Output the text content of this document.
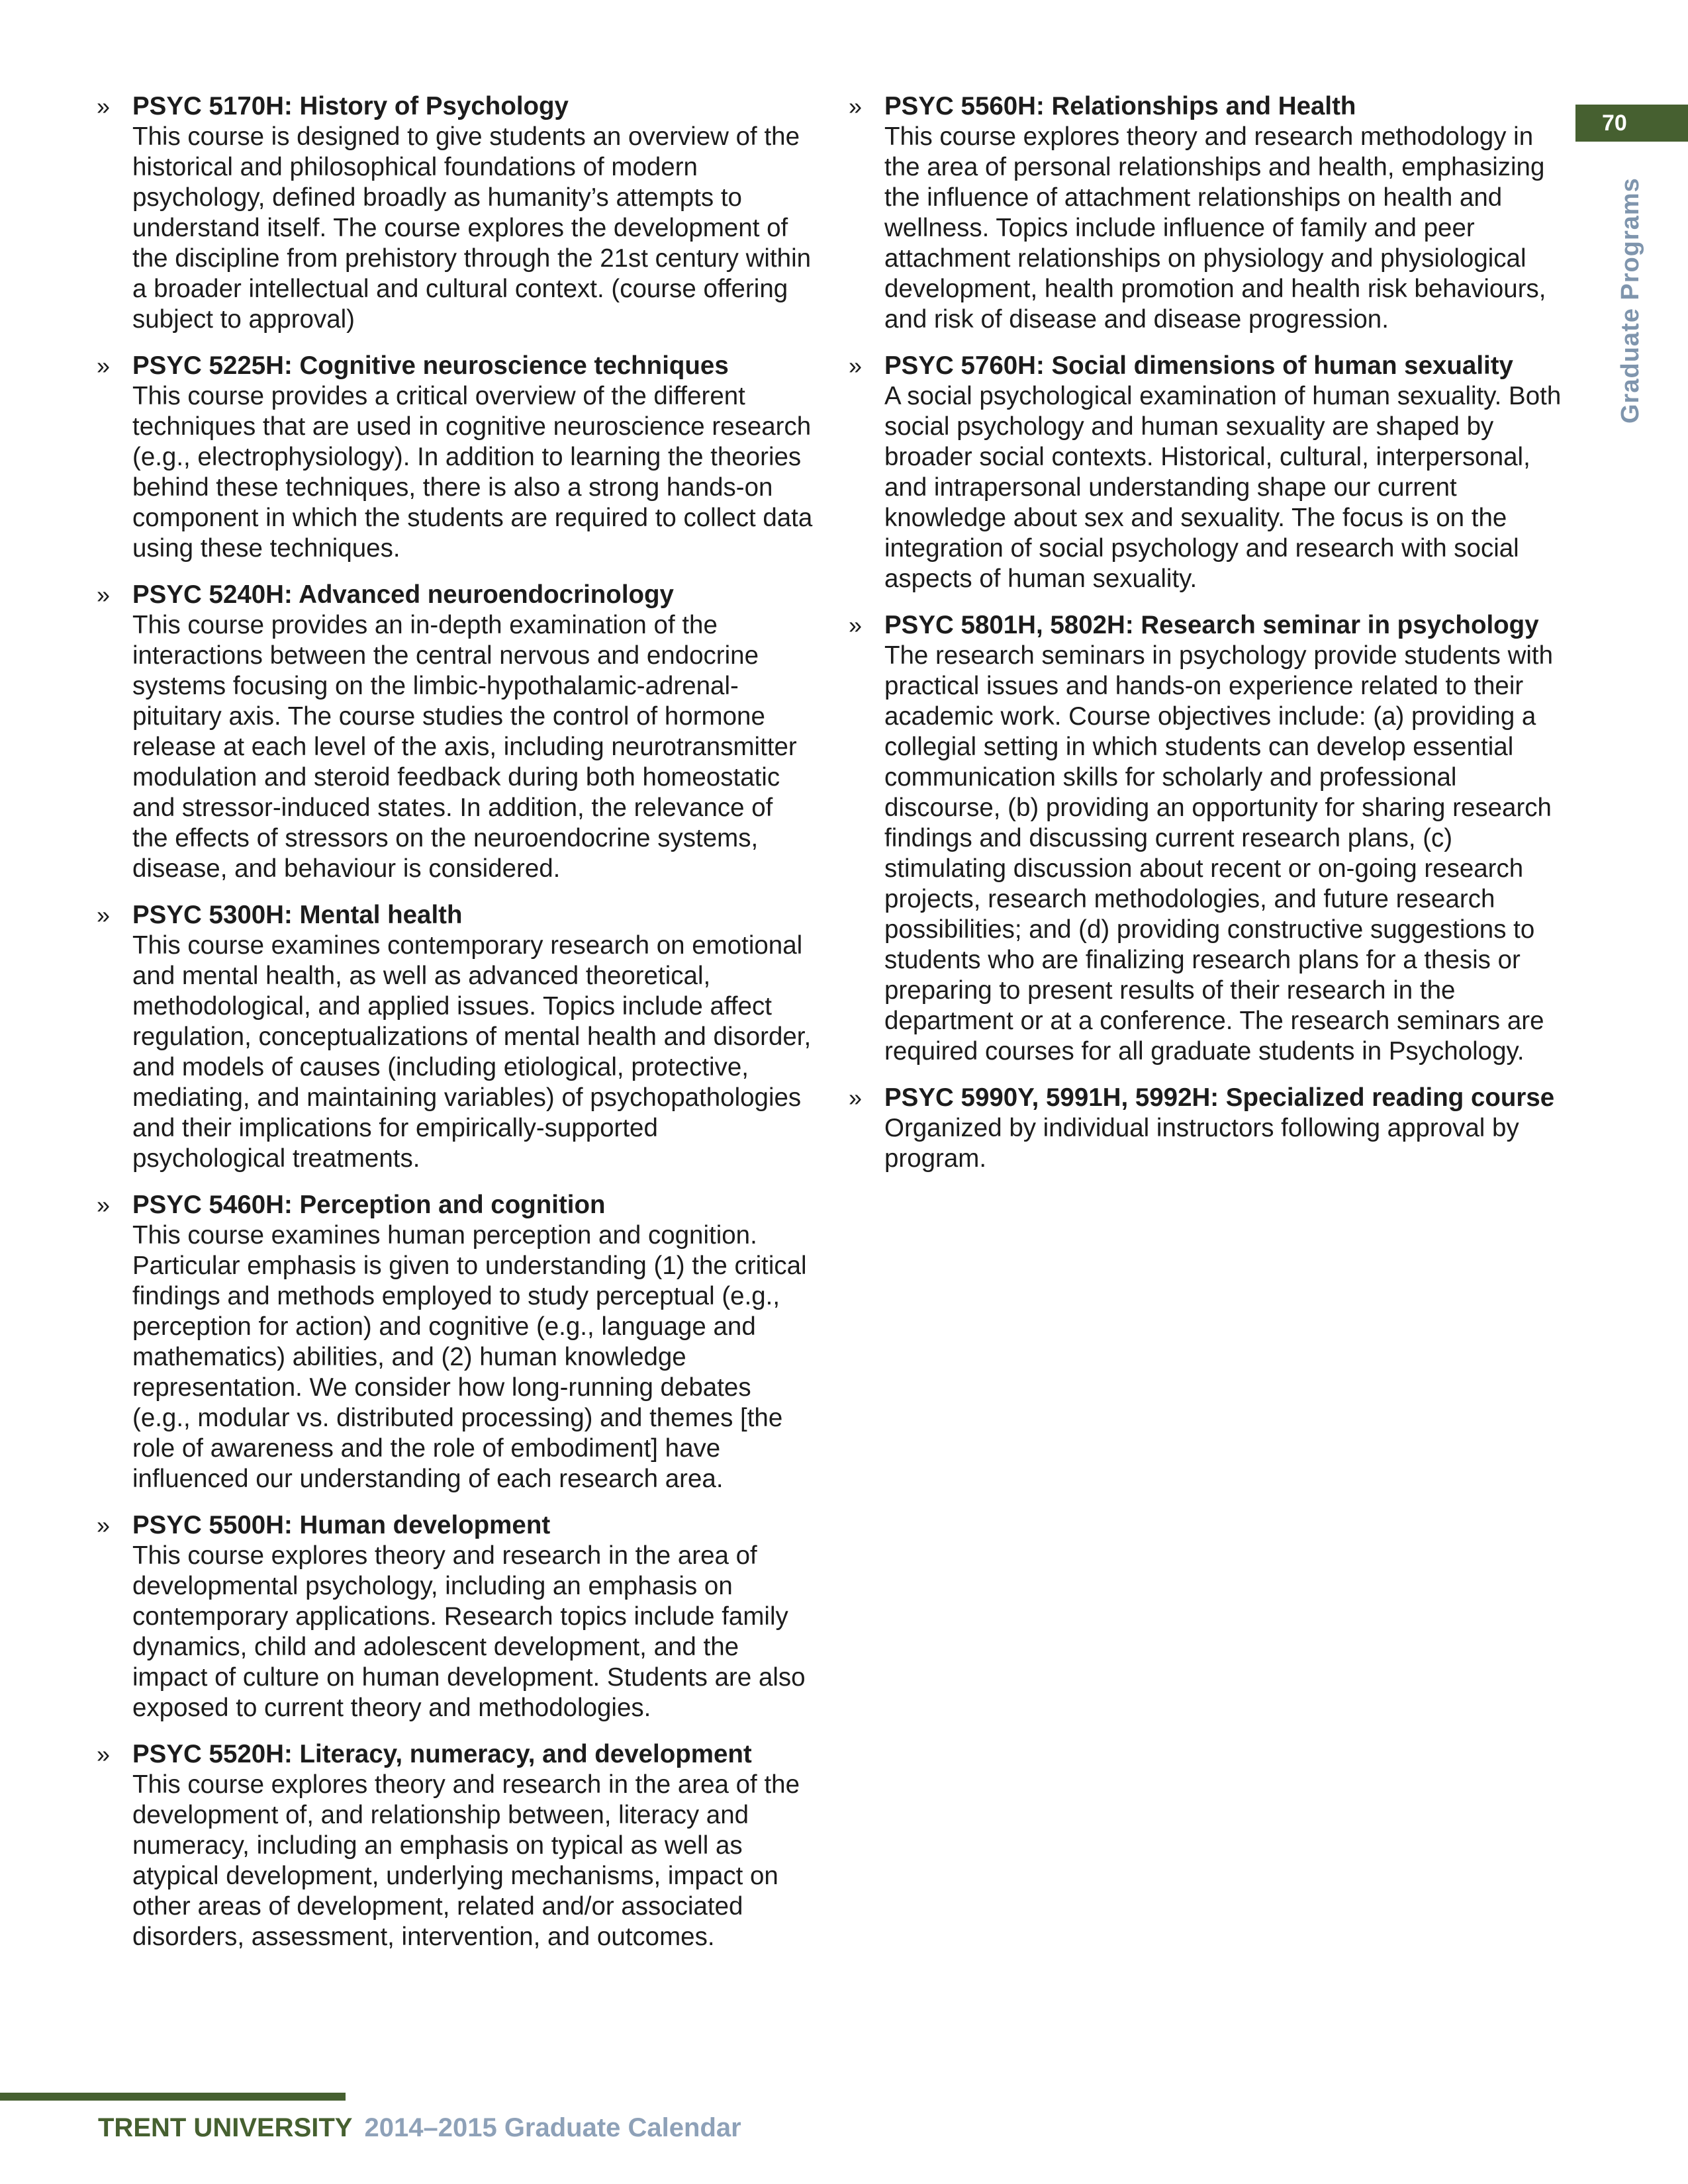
» PSYC 5170H: History of Psychology
This course is designed to give students an overview of the historical and philosophical foundations of modern psychology, defined broadly as humanity’s attempts to understand itself. The course explores the development of the discipline from prehistory through the 21st century within a broader intellectual and cultural context. (course offering subject to approval)
» PSYC 5225H: Cognitive neuroscience techniques
This course provides a critical overview of the different techniques that are used in cognitive neuroscience research (e.g., electrophysiology). In addition to learning the theories behind these techniques, there is also a strong hands-on component in which the students are required to collect data using these techniques.
» PSYC 5240H: Advanced neuroendocrinology
This course provides an in-depth examination of the interactions between the central nervous and endocrine systems focusing on the limbic-hypothalamic-adrenal-pituitary axis. The course studies the control of hormone release at each level of the axis, including neurotransmitter modulation and steroid feedback during both homeostatic and stressor-induced states. In addition, the relevance of the effects of stressors on the neuroendocrine systems, disease, and behaviour is considered.
» PSYC 5300H: Mental health
This course examines contemporary research on emotional and mental health, as well as advanced theoretical, methodological, and applied issues. Topics include affect regulation, conceptualizations of mental health and disorder, and models of causes (including etiological, protective, mediating, and maintaining variables) of psychopathologies and their implications for empirically-supported psychological treatments.
» PSYC 5460H: Perception and cognition
This course examines human perception and cognition. Particular emphasis is given to understanding (1) the critical findings and methods employed to study perceptual (e.g., perception for action) and cognitive (e.g., language and mathematics) abilities, and (2) human knowledge representation. We consider how long-running debates (e.g., modular vs. distributed processing) and themes [the role of awareness and the role of embodiment] have influenced our understanding of each research area.
» PSYC 5500H: Human development
This course explores theory and research in the area of developmental psychology, including an emphasis on contemporary applications. Research topics include family dynamics, child and adolescent development, and the impact of culture on human development. Students are also exposed to current theory and methodologies.
» PSYC 5520H: Literacy, numeracy, and development
This course explores theory and research in the area of the development of, and relationship between, literacy and numeracy, including an emphasis on typical as well as atypical development, underlying mechanisms, impact on other areas of development, related and/or associated disorders, assessment, intervention, and outcomes.
» PSYC 5560H: Relationships and Health
This course explores theory and research methodology in the area of personal relationships and health, emphasizing the influence of attachment relationships on health and wellness. Topics include influence of family and peer attachment relationships on physiology and physiological development, health promotion and health risk behaviours, and risk of disease and disease progression.
» PSYC 5760H: Social dimensions of human sexuality
A social psychological examination of human sexuality. Both social psychology and human sexuality are shaped by broader social contexts. Historical, cultural, interpersonal, and intrapersonal understanding shape our current knowledge about sex and sexuality. The focus is on the integration of social psychology and research with social aspects of human sexuality.
» PSYC 5801H, 5802H: Research seminar in psychology
The research seminars in psychology provide students with practical issues and hands-on experience related to their academic work. Course objectives include: (a) providing a collegial setting in which students can develop essential communication skills for scholarly and professional discourse, (b) providing an opportunity for sharing research findings and discussing current research plans, (c) stimulating discussion about recent or on-going research projects, research methodologies, and future research possibilities; and (d) providing constructive suggestions to students who are finalizing research plans for a thesis or preparing to present results of their research in the department or at a conference. The research seminars are required courses for all graduate students in Psychology.
» PSYC 5990Y, 5991H, 5992H: Specialized reading course
Organized by individual instructors following approval by program.
70
Graduate Programs
TRENT UNIVERSITY 2014–2015 Graduate Calendar
